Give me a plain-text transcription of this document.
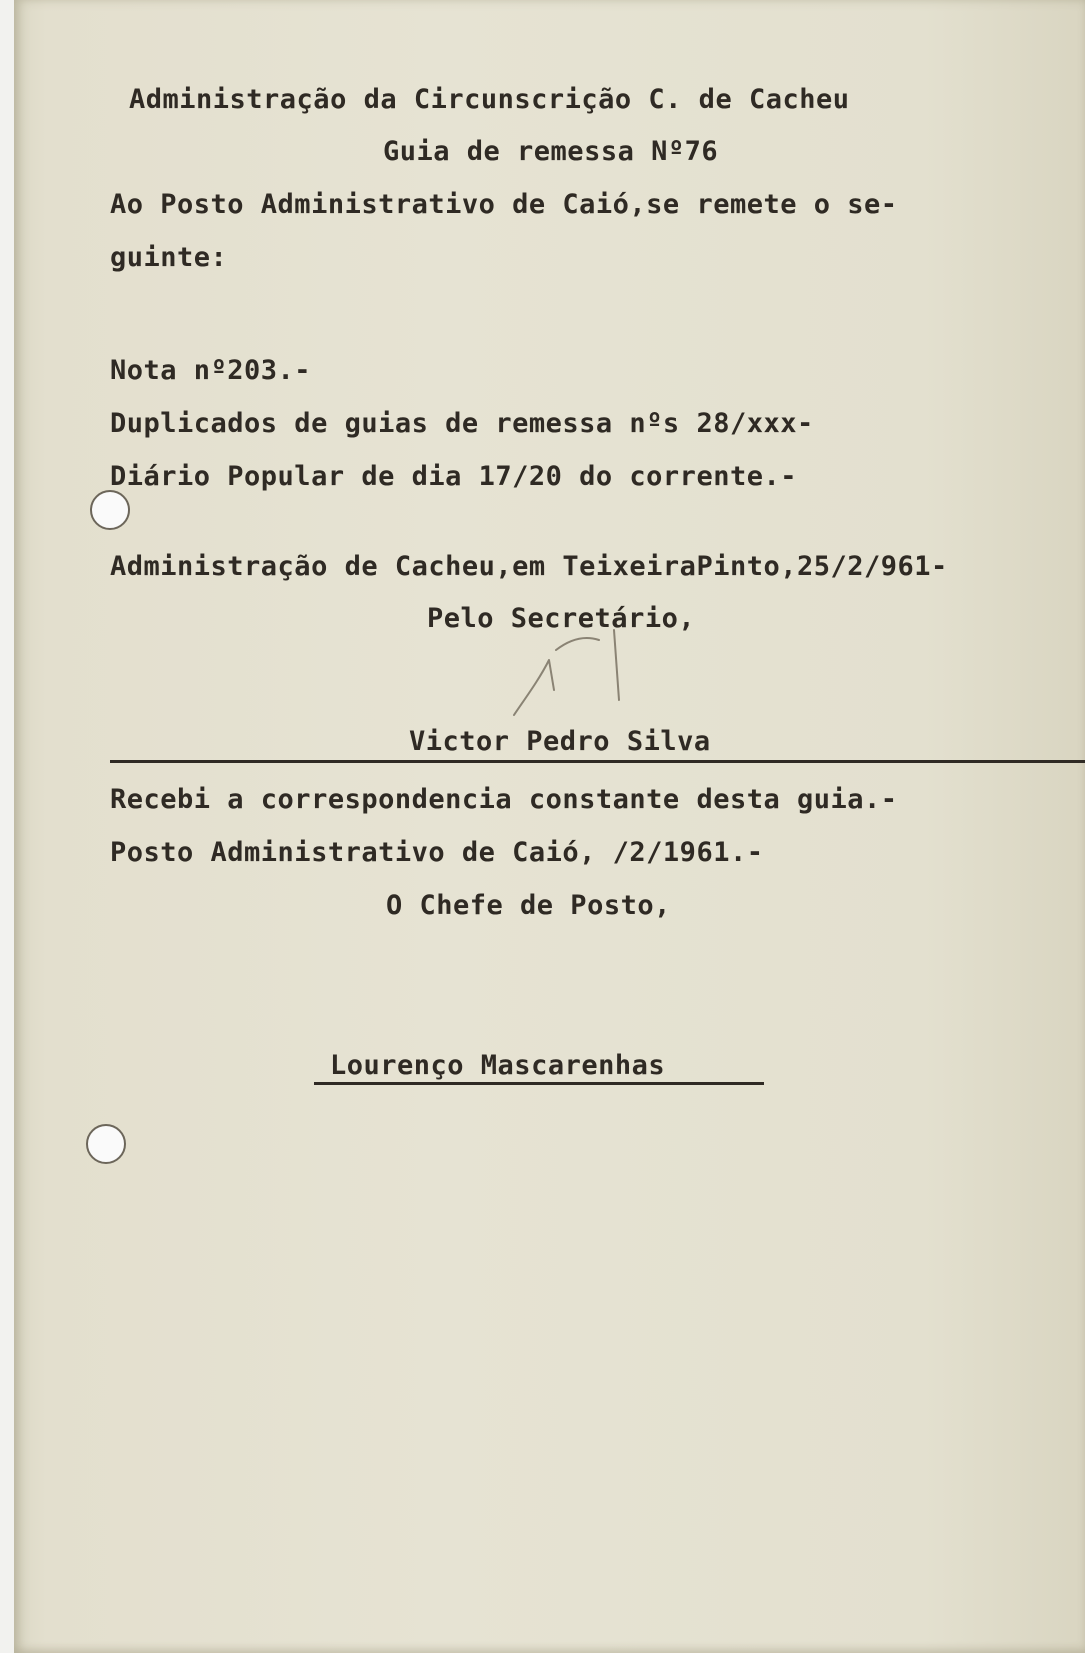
Administração da Circunscrição C. de Cacheu
Guia de remessa Nº76
Ao Posto Administrativo de Caió,se remete o se-
guinte:
Nota nº203.-
Duplicados de guias de remessa nºs 28/xxx-
Diário Popular de dia 17/20 do corrente.-
Administração de Cacheu,em TeixeiraPinto,25/2/961-
Pelo Secretário,
Victor Pedro Silva
Recebi a correspondencia constante desta guia.-
Posto Administrativo de Caió, /2/1961.-
O Chefe de Posto,
Lourenço Mascarenhas
